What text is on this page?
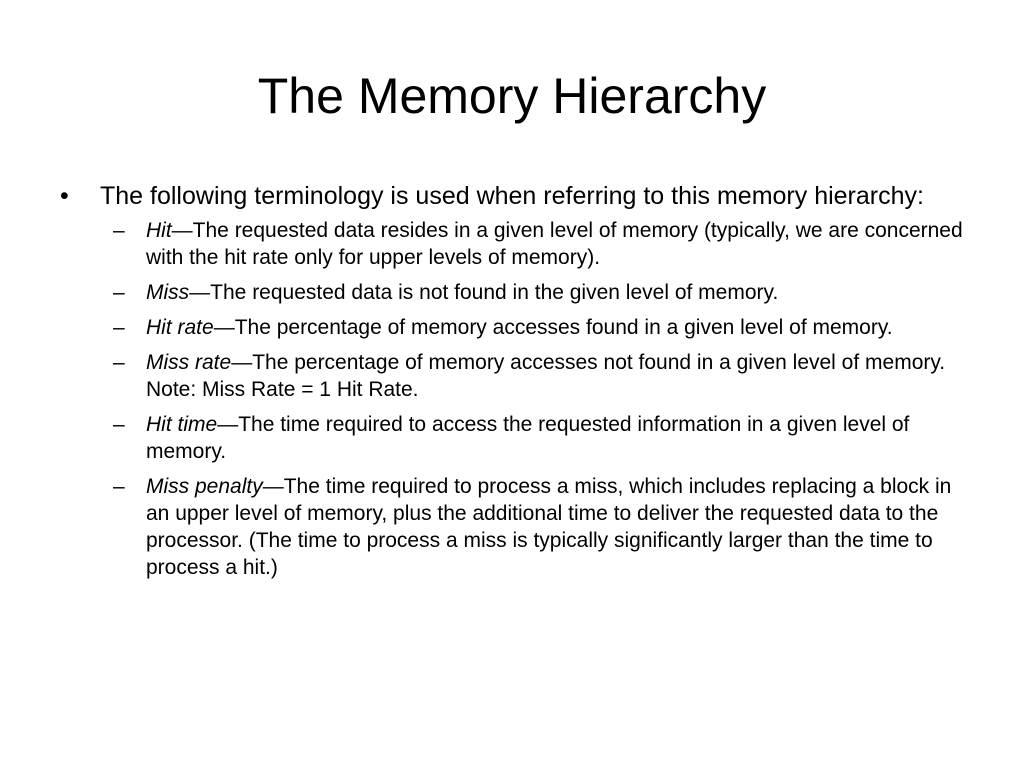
The Memory Hierarchy
• The following terminology is used when referring to this memory hierarchy:
– Hit—The requested data resides in a given level of memory (typically, we are concerned with the hit rate only for upper levels of memory).
– Miss—The requested data is not found in the given level of memory.
– Hit rate—The percentage of memory accesses found in a given level of memory.
– Miss rate—The percentage of memory accesses not found in a given level of memory. Note: Miss Rate = 1 Hit Rate.
– Hit time—The time required to access the requested information in a given level of memory.
– Miss penalty—The time required to process a miss, which includes replacing a block in an upper level of memory, plus the additional time to deliver the requested data to the processor. (The time to process a miss is typically significantly larger than the time to process a hit.)
